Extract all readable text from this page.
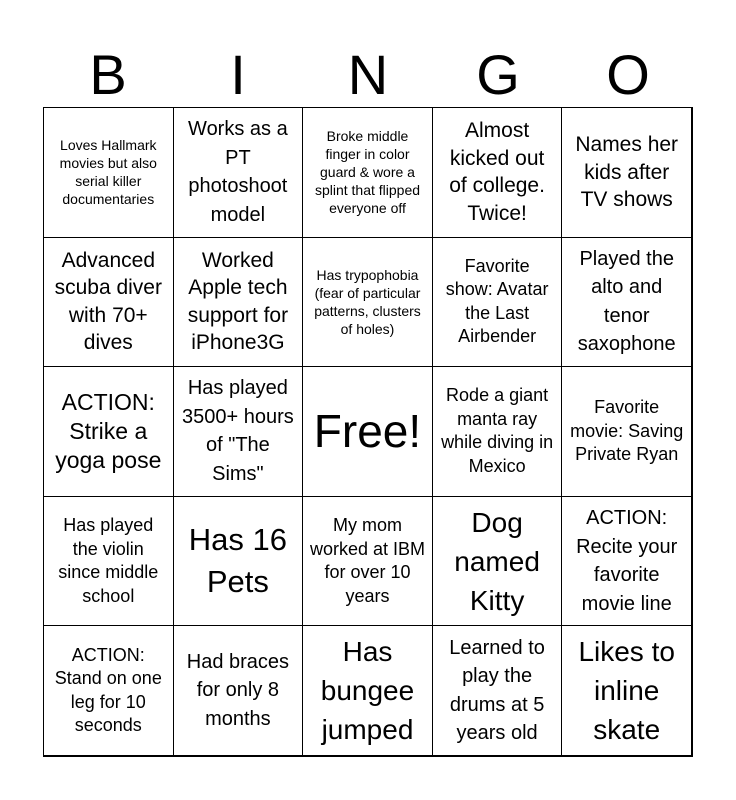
B	I	N	G	O
Loves Hallmark movies but also serial killer documentaries
Works as a PT photoshoot model
Broke middle finger in color guard & wore a splint that flipped everyone off
Almost kicked out of college. Twice!
Names her kids after TV shows
Advanced scuba diver with 70+ dives
Worked Apple tech support for iPhone3G
Has trypophobia (fear of particular patterns, clusters of holes)
Favorite show: Avatar the Last Airbender
Played the alto and tenor saxophone
ACTION: Strike a yoga pose
Has played 3500+ hours of "The Sims"
Free!
Rode a giant manta ray while diving in Mexico
Favorite movie: Saving Private Ryan
Has played the violin since middle school
Has 16 Pets
My mom worked at IBM for over 10 years
Dog named Kitty
ACTION: Recite your favorite movie line
ACTION: Stand on one leg for 10 seconds
Had braces for only 8 months
Has bungee jumped
Learned to play the drums at 5 years old
Likes to inline skate
